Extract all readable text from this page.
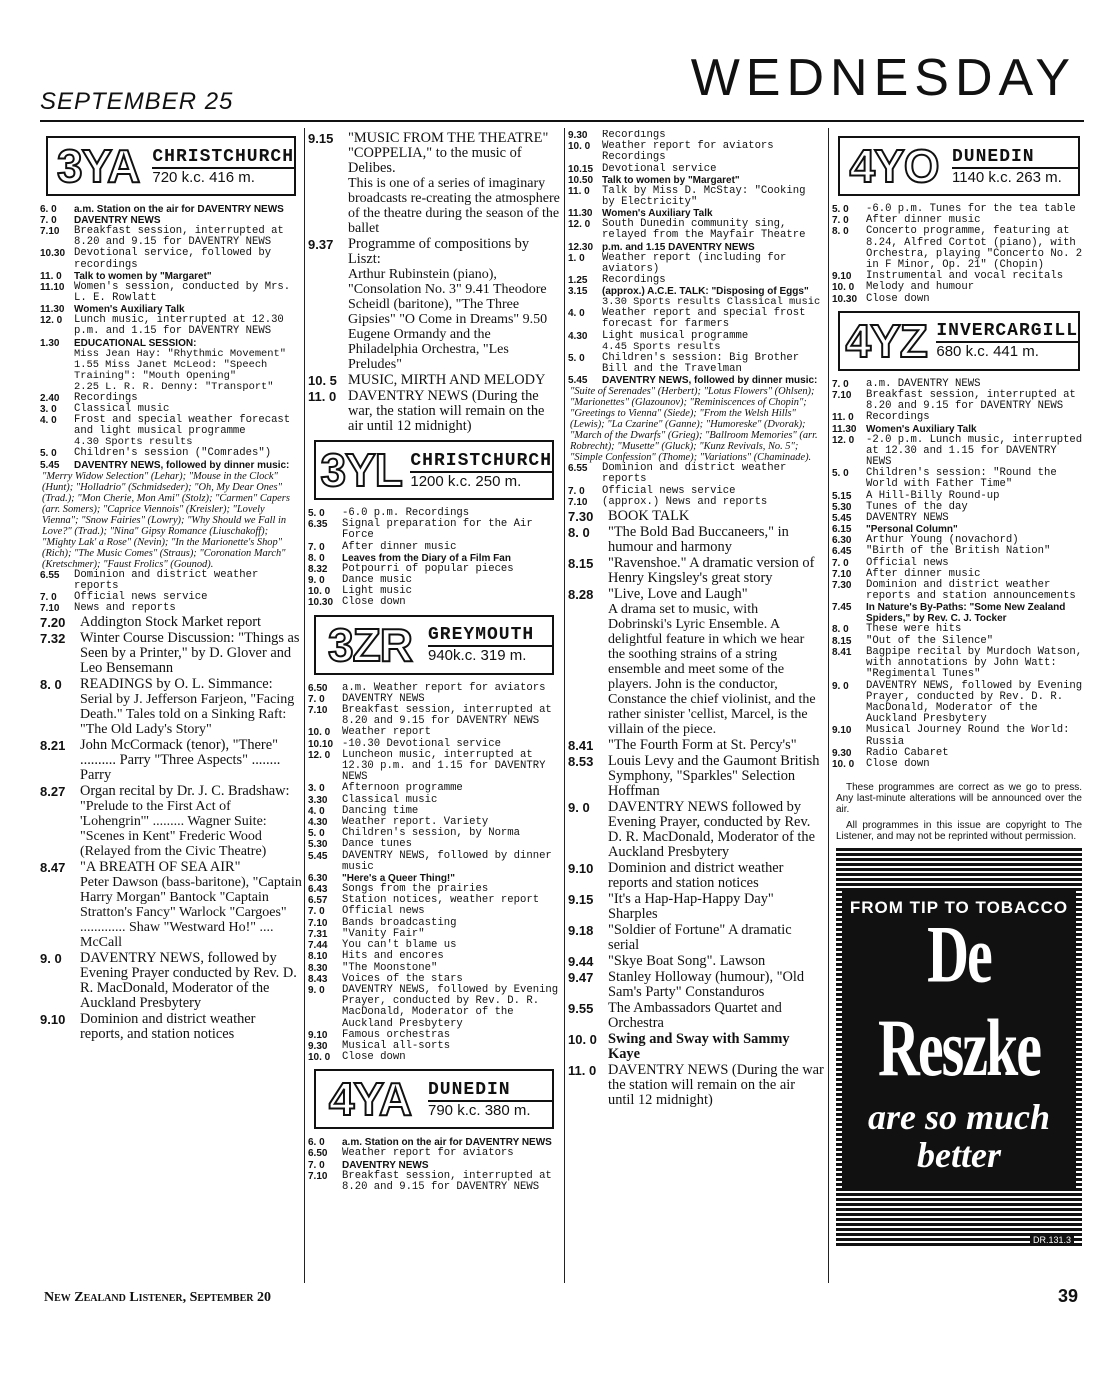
SEPTEMBER 25	WEDNESDAY
3YA CHRISTCHURCH
720 k.c. 416 m.
6. 0	a.m. Station on the air for DAVENTRY NEWS
7. 0	DAVENTRY NEWS
7.10	Breakfast session, interrupted at 8.20 and 9.15 for DAVENTRY NEWS
10.30 Devotional service, followed by recordings
11. 0	Talk to women by "Margaret"
11.10 Women's session, conducted by Mrs. L. E. Rowlatt
11.30 Women's Auxiliary Talk
12. 0	Lunch music, interrupted at 12.30 p.m. and 1.15 for DAVENTRY NEWS
1.30	EDUCATIONAL SESSION:
Miss Jean Hay: "Rhythmic Movement"
1.55 Miss Janet McLeod: "Speech Training": "Mouth Opening"
2.25 L. R. R. Denny: "Transport"
2.40	Recordings
3. 0	Classical music
4. 0	Frost and special weather forecast and light musical programme
4.30 Sports results
5. 0	Children's session ("Comrades")
5.45	DAVENTRY NEWS, followed by dinner music:
"Merry Widow Selection" (Lehar); "Mouse in the Clock" (Hunt); "Holladrio" (Schmidseder); "Oh, My Dear Ones" (Trad.); "Mon Cherie, Mon Ami" (Stolz); "Carmen" Capers (arr. Somers); "Caprice Viennois" (Kreisler); "Lovely Vienna"; "Snow Fairies" (Lowry); "Why Should we Fall in Love?" (Trad.); "Nina" Gipsy Romance (Liuschakoff); "Mighty Lak' a Rose" (Nevin); "In the Marionette's Shop" (Rich); "The Music Comes" (Straus); "Coronation March" (Kretschmer); "Faust Frolics" (Gounod).
6.55	Dominion and district weather reports
7. 0	Official news service
7.10	News and reports
7.20	Addington Stock Market report
7.32	Winter Course Discussion: "Things as Seen by a Printer," by D. Glover and Leo Bensemann
8. 0	READINGS by O. L. Simmance:
Serial by J. Jefferson Farjeon, "Facing Death." Tales told on a Sinking Raft: "The Old Lady's Story"
8.21	John McCormack (tenor), "There" .......... Parry "Three Aspects" ........ Parry
8.27	Organ recital by Dr. J. C. Bradshaw:
"Prelude to the First Act of 'Lohengrin'" ......... Wagner Suite: "Scenes in Kent" Frederic Wood (Relayed from the Civic Theatre)
8.47	"A BREATH OF SEA AIR"
Peter Dawson (bass-baritone), "Captain Harry Morgan" Bantock "Captain Stratton's Fancy" Warlock "Cargoes" ............. Shaw "Westward Ho!" .... McCall
9. 0	DAVENTRY NEWS, followed by Evening Prayer conducted by Rev. D. R. MacDonald, Moderator of the Auckland Presbytery
9.10	Dominion and district weather reports, and station notices
9.15	"MUSIC FROM THE THEATRE" "COPPELIA," to the music of Delibes.
This is one of a series of imaginary broadcasts re-creating the atmosphere of the theatre during the season of the ballet
9.37	Programme of compositions by Liszt:
Arthur Rubinstein (piano), "Consolation No. 3" 9.41 Theodore Scheidl (baritone), "The Three Gipsies" "O Come in Dreams" 9.50 Eugene Ormandy and the Philadelphia Orchestra, "Les Preludes"
10. 5 MUSIC, MIRTH AND MELODY
11. 0 DAVENTRY NEWS (During the war, the station will remain on the air until 12 midnight)
3YL CHRISTCHURCH
1200 k.c. 250 m.
5. 0	-6.0 p.m. Recordings
6.35	Signal preparation for the Air Force
7. 0	After dinner music
8. 0	Leaves from the Diary of a Film Fan
8.32	Potpourri of popular pieces
9. 0	Dance music
10. 0	Light music
10.30 Close down
3ZR GREYMOUTH
940k.c. 319 m.
6.50	a.m. Weather report for aviators
7. 0	DAVENTRY NEWS
7.10	Breakfast session, interrupted at 8.20 and 9.15 for DAVENTRY NEWS
10. 0	Weather report
10.10 -10.30 Devotional service
12. 0	Luncheon music, interrupted at 12.30 p.m. and 1.15 for DAVENTRY NEWS
3. 0	Afternoon programme
3.30	Classical music
4. 0	Dancing time
4.30	Weather report. Variety
5. 0	Children's session, by Norma
5.30	Dance tunes
5.45	DAVENTRY NEWS, followed by dinner music
6.30	"Here's a Queer Thing!"
6.43	Songs from the prairies
6.57	Station notices, weather report
7. 0	Official news
7.10	Bands broadcasting
7.31	"Vanity Fair"
7.44	You can't blame us
8.10	Hits and encores
8.30	"The Moonstone"
8.43	Voices of the stars
9. 0	DAVENTRY NEWS, followed by Evening Prayer, conducted by Rev. D. R. MacDonald, Moderator of the Auckland Presbytery
9.10	Famous orchestras
9.30	Musical all-sorts
10. 0	Close down
4YA DUNEDIN
790 k.c. 380 m.
6. 0	a.m. Station on the air for DAVENTRY NEWS
6.50	Weather report for aviators
7. 0	DAVENTRY NEWS
7.10	Breakfast session, interrupted at 8.20 and 9.15 for DAVENTRY NEWS
9.30	Recordings
10. 0	Weather report for aviators Recordings
10.15 Devotional service
10.50 Talk to women by "Margaret"
11. 0	Talk by Miss D. McStay: "Cooking by Electricity"
11.30 Women's Auxiliary Talk
12. 0	South Dunedin community sing, relayed from the Mayfair Theatre
12.30 p.m. and 1.15 DAVENTRY NEWS
1. 0	Weather report (including for aviators)
1.25	Recordings
3.15	(approx.) A.C.E. TALK: "Disposing of Eggs"
3.30 Sports results Classical music
4. 0	Weather report and special frost forecast for farmers
4.30	Light musical programme
4.45 Sports results
5. 0	Children's session: Big Brother Bill and the Travelman
5.45	DAVENTRY NEWS, followed by dinner music:
"Suite of Serenades" (Herbert); "Lotus Flowers" (Ohlsen); "Marionettes" (Glazounov); "Reminiscences of Chopin"; "Greetings to Vienna" (Siede); "From the Welsh Hills" (Lewis); "La Czarine" (Ganne); "Humoreske" (Dvorak); "March of the Dwarfs" (Grieg); "Ballroom Memories" (arr. Robrecht); "Musette" (Gluck); "Kunz Revivals, No. 5"; "Simple Confession" (Thome); "Variations" (Chaminade).
6.55	Dominion and district weather reports
7. 0	Official news service
7.10	(approx.) News and reports
7.30	BOOK TALK
8. 0	"The Bold Bad Buccaneers," in humour and harmony
8.15	"Ravenshoe." A dramatic version of Henry Kingsley's great story
8.28	"Live, Love and Laugh"
A drama set to music, with Dobrinski's Lyric Ensemble. A delightful feature in which we hear the soothing strains of a string ensemble and meet some of the players. John is the conductor, Constance the chief violinist, and the rather sinister 'cellist, Marcel, is the villain of the piece.
8.41	"The Fourth Form at St. Percy's"
8.53	Louis Levy and the Gaumont British Symphony, "Sparkles" Selection Hoffman
9. 0	DAVENTRY NEWS followed by Evening Prayer, conducted by Rev. D. R. MacDonald, Moderator of the Auckland Presbytery
9.10	Dominion and district weather reports and station notices
9.15	"It's a Hap-Hap-Happy Day" Sharples
9.18	"Soldier of Fortune" A dramatic serial
9.44	"Skye Boat Song". Lawson
9.47	Stanley Holloway (humour), "Old Sam's Party" Constanduros
9.55	The Ambassadors Quartet and Orchestra
10. 0 Swing and Sway with Sammy Kaye
11. 0 DAVENTRY NEWS (During the war the station will remain on the air until 12 midnight)
4YO DUNEDIN
1140 k.c. 263 m.
5. 0	-6.0 p.m. Tunes for the tea table
7. 0	After dinner music
8. 0	Concerto programme, featuring at 8.24, Alfred Cortot (piano), with Orchestra, playing "Concerto No. 2 in F Minor, Op. 21" (Chopin)
9.10	Instrumental and vocal recitals
10. 0	Melody and humour
10.30 Close down
4YZ INVERCARGILL
680 k.c. 441 m.
7. 0	a.m. DAVENTRY NEWS
7.10	Breakfast session, interrupted at 8.20 and 9.15 for DAVENTRY NEWS
11. 0	Recordings
11.30 Women's Auxiliary Talk
12. 0	-2.0 p.m. Lunch music, interrupted at 12.30 and 1.15 for DAVENTRY NEWS
5. 0	Children's session: "Round the World with Father Time"
5.15	A Hill-Billy Round-up
5.30	Tunes of the day
5.45	DAVENTRY NEWS
6.15	"Personal Column"
6.30	Arthur Young (novachord)
6.45	"Birth of the British Nation"
7. 0	Official news
7.10	After dinner music
7.30	Dominion and district weather reports and station announcements
7.45	In Nature's By-Paths: "Some New Zealand Spiders," by Rev. C. J. Tocker
8. 0	These were hits
8.15	"Out of the Silence"
8.41	Bagpipe recital by Murdoch Watson, with annotations by John Watt: "Regimental Tunes"
9. 0	DAVENTRY NEWS, followed by Evening Prayer, conducted by Rev. D. R. MacDonald, Moderator of the Auckland Presbytery
9.10	Musical Journey Round the World: Russia
9.30	Radio Cabaret
10. 0	Close down

These programmes are correct as we go to press. Any last-minute alterations will be announced over the air.

All programmes in this issue are copyright to The Listener, and may not be reprinted without permission.

FROM TIP TO TOBACCO
De Reszke
are so much better
DR.131.3
New Zealand Listener, September 20	39
